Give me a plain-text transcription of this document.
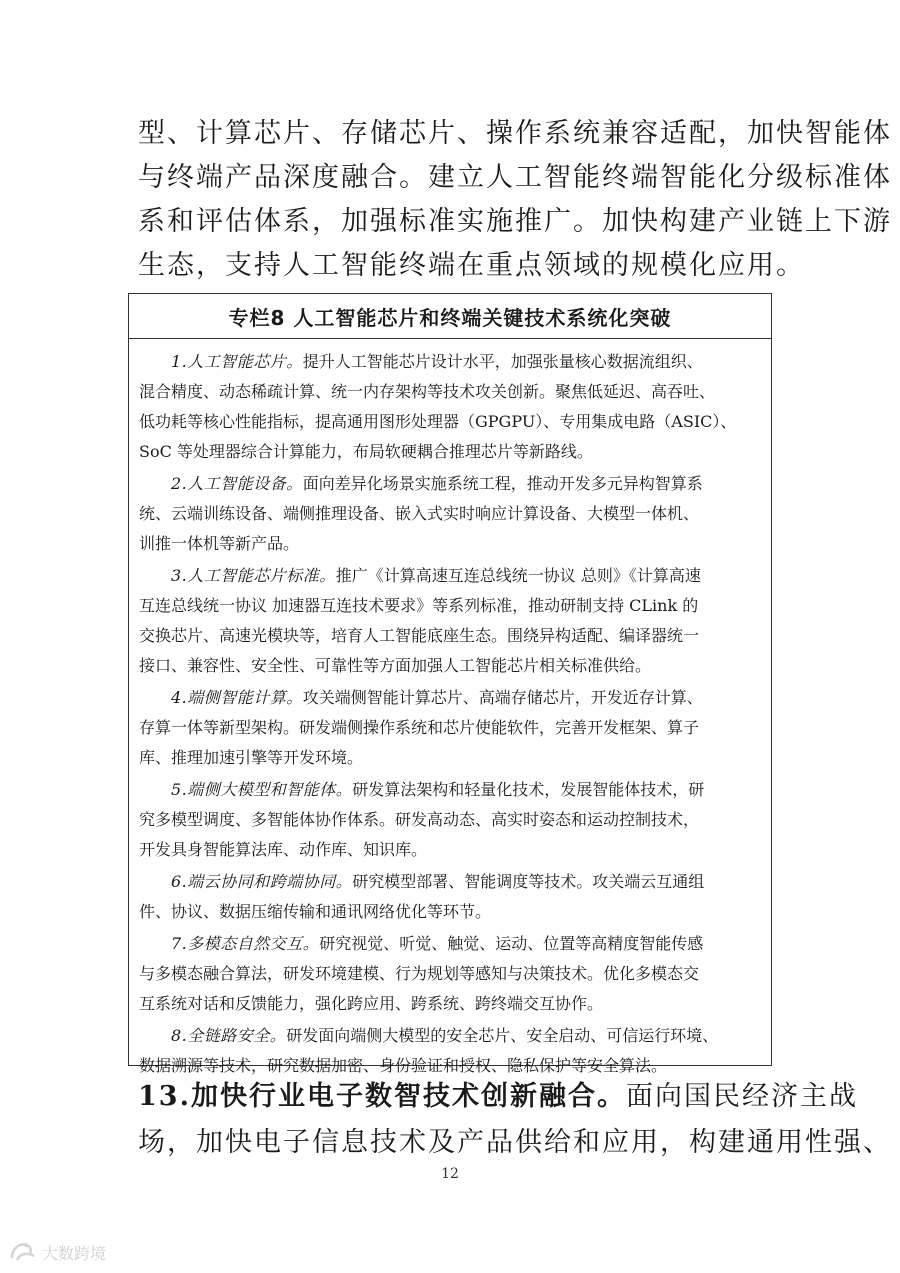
型、计算芯片、存储芯片、操作系统兼容适配，加快智能体
与终端产品深度融合。建立人工智能终端智能化分级标准体
系和评估体系，加强标准实施推广。加快构建产业链上下游
生态，支持人工智能终端在重点领域的规模化应用。
专栏8 人工智能芯片和终端关键技术系统化突破
1.人工智能芯片。提升人工智能芯片设计水平，加强张量核心数据流组织、
混合精度、动态稀疏计算、统一内存架构等技术攻关创新。聚焦低延迟、高吞吐、
低功耗等核心性能指标，提高通用图形处理器（GPGPU）、专用集成电路（ASIC）、
SoC 等处理器综合计算能力，布局软硬耦合推理芯片等新路线。
2.人工智能设备。面向差异化场景实施系统工程，推动开发多元异构智算系
统、云端训练设备、端侧推理设备、嵌入式实时响应计算设备、大模型一体机、
训推一体机等新产品。
3.人工智能芯片标准。推广《计算高速互连总线统一协议 总则》《计算高速
互连总线统一协议 加速器互连技术要求》等系列标准，推动研制支持 CLink 的
交换芯片、高速光模块等，培育人工智能底座生态。围绕异构适配、编译器统一
接口、兼容性、安全性、可靠性等方面加强人工智能芯片相关标准供给。
4.端侧智能计算。攻关端侧智能计算芯片、高端存储芯片，开发近存计算、
存算一体等新型架构。研发端侧操作系统和芯片使能软件，完善开发框架、算子
库、推理加速引擎等开发环境。
5.端侧大模型和智能体。研发算法架构和轻量化技术，发展智能体技术，研
究多模型调度、多智能体协作体系。研发高动态、高实时姿态和运动控制技术，
开发具身智能算法库、动作库、知识库。
6.端云协同和跨端协同。研究模型部署、智能调度等技术。攻关端云互通组
件、协议、数据压缩传输和通讯网络优化等环节。
7.多模态自然交互。研究视觉、听觉、触觉、运动、位置等高精度智能传感
与多模态融合算法，研发环境建模、行为规划等感知与决策技术。优化多模态交
互系统对话和反馈能力，强化跨应用、跨系统、跨终端交互协作。
8.全链路安全。研发面向端侧大模型的安全芯片、安全启动、可信运行环境、
数据溯源等技术，研究数据加密、身份验证和授权、隐私保护等安全算法。
13.加快行业电子数智技术创新融合。面向国民经济主战
场，加快电子信息技术及产品供给和应用，构建通用性强、
12
大数跨境
